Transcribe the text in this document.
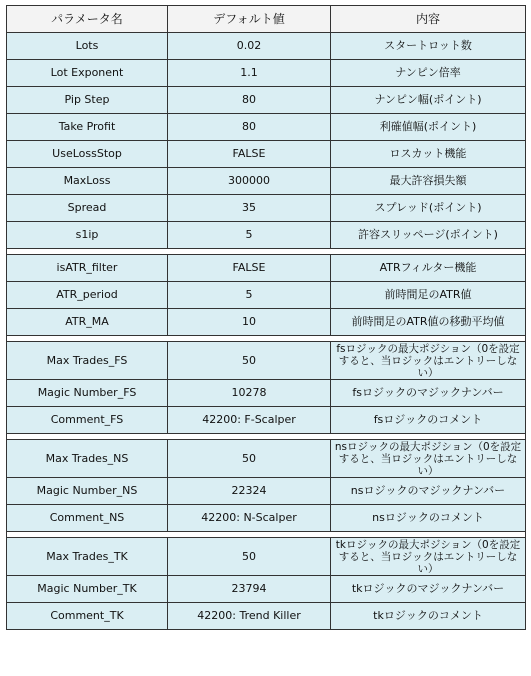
パラメータ名	デフォルト値	内容
Lots	0.02	スタートロット数
Lot Exponent	1.1	ナンピン倍率
Pip Step	80	ナンピン幅(ポイント)
Take Profit	80	利確値幅(ポイント)
UseLossStop	FALSE	ロスカット機能
MaxLoss	300000	最大許容損失額
Spread	35	スプレッド(ポイント)
s1ip	5	許容スリッページ(ポイント)

isATR_filter	FALSE	ATRフィルター機能
ATR_period	5	前時間足のATR値
ATR_MA	10	前時間足のATR値の移動平均値

Max Trades_FS	50	fsロジックの最大ポジション（0を設定すると、当ロジックはエントリーしない）
Magic Number_FS	10278	fsロジックのマジックナンバー
Comment_FS	42200: F-Scalper	fsロジックのコメント

Max Trades_NS	50	nsロジックの最大ポジション（0を設定すると、当ロジックはエントリーしない）
Magic Number_NS	22324	nsロジックのマジックナンバー
Comment_NS	42200: N-Scalper	nsロジックのコメント

Max Trades_TK	50	tkロジックの最大ポジション（0を設定すると、当ロジックはエントリーしない）
Magic Number_TK	23794	tkロジックのマジックナンバー
Comment_TK	42200: Trend Killer	tkロジックのコメント
